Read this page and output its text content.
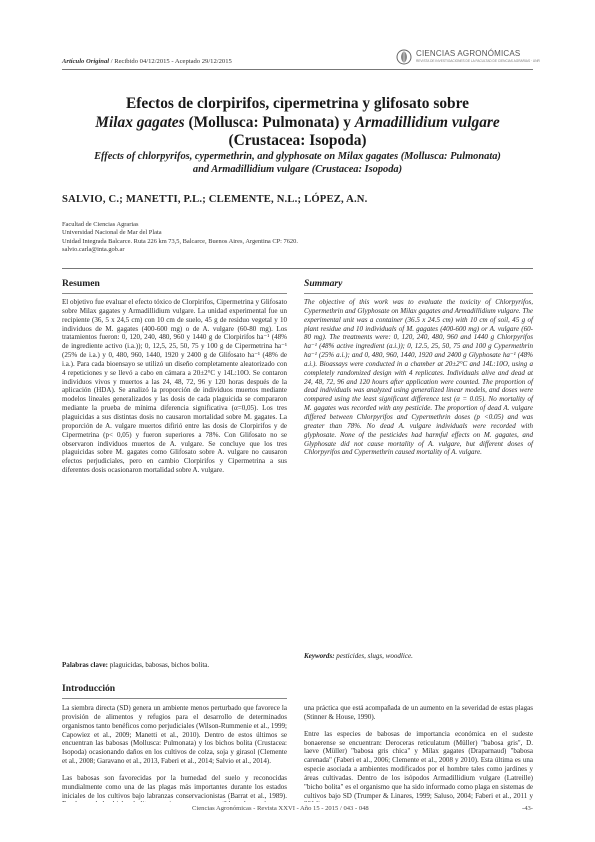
Artículo Original / Recibido 04/12/2015 - Aceptado 29/12/2015
CIENCIAS AGRONÓMICAS
REVISTA DE INVESTIGACIONES DE LA FACULTAD DE CIENCIAS AGRARIAS · UNR
Efectos de clorpirifos, cipermetrina y glifosato sobre
Milax gagates (Mollusca: Pulmonata) y Armadillidium vulgare
(Crustacea: Isopoda)
Effects of chlorpyrifos, cypermethrin, and glyphosate on Milax gagates (Mollusca: Pulmonata)
and Armadillidium vulgare (Crustacea: Isopoda)
SALVIO, C.; MANETTI, P.L.; CLEMENTE, N.L.; LÓPEZ, A.N.
Facultad de Ciencias Agrarias
Universidad Nacional de Mar del Plata
Unidad Integrada Balcarce. Ruta 226 km 73,5, Balcarce, Buenos Aires, Argentina CP: 7620.
salvio.carla@inta.gob.ar
Resumen

El objetivo fue evaluar el efecto tóxico de Clorpirifos, Cipermetrina y Glifosato sobre Milax gagates y Armadillidium vulgare. La unidad experimental fue un recipiente (36, 5 x 24,5 cm) con 10 cm de suelo, 45 g de residuo vegetal y 10 individuos de M. gagates (400-600 mg) o de A. vulgare (60-80 mg). Los tratamientos fueron: 0, 120, 240, 480, 960 y 1440 g de Clorpirifos ha⁻¹ (48% de ingrediente activo (i.a.)); 0, 12,5, 25, 50, 75 y 100 g de Cipermetrina ha⁻¹ (25% de i.a.) y 0, 480, 960, 1440, 1920 y 2400 g de Glifosato ha⁻¹ (48% de i.a.). Para cada bioensayo se utilizó un diseño completamente aleatorizado con 4 repeticiones y se llevó a cabo en cámara a 20±2°C y 14L:10O. Se contaron individuos vivos y muertos a las 24, 48, 72, 96 y 120 horas después de la aplicación (HDA). Se analizó la proporción de individuos muertos mediante modelos lineales generalizados y las dosis de cada plaguicida se compararon mediante la prueba de mínima diferencia significativa (α=0,05). Los tres plaguicidas a sus distintas dosis no causaron mortalidad sobre M. gagates. La proporción de A. vulgare muertos difirió entre las dosis de Clorpirifos y de Cipermetrina (p< 0,05) y fueron superiores a 78%. Con Glifosato no se observaron individuos muertos de A. vulgare. Se concluye que los tres plaguicidas sobre M. gagates como Glifosato sobre A. vulgare no causaron efectos perjudiciales, pero en cambio Clorpirifos y Cipermetrina a sus diferentes dosis ocasionaron mortalidad sobre A. vulgare.

Palabras clave: plaguicidas, babosas, bichos bolita.
Summary

The objective of this work was to evaluate the toxicity of Chlorpyrifos, Cypermethrin and Glyphosate on Milax gagates and Armadillidium vulgare. The experimental unit was a container (36.5 x 24.5 cm) with 10 cm of soil, 45 g of plant residue and 10 individuals of M. gagates (400-600 mg) or A. vulgare (60-80 mg). The treatments were: 0, 120, 240, 480, 960 and 1440 g Chlorpyrifos ha⁻¹ (48% active ingredient (a.i.)); 0, 12.5, 25, 50, 75 and 100 g Cypermethrin ha⁻¹ (25% a.i.); and 0, 480, 960, 1440, 1920 and 2400 g Glyphosate ha⁻¹ (48% a.i.). Bioassays were conducted in a chamber at 20±2°C and 14L:10O, using a completely randomized design with 4 replicates. Individuals alive and dead at 24, 48, 72, 96 and 120 hours after application were counted. The proportion of dead individuals was analyzed using generalized linear models, and doses were compared using the least significant difference test (α = 0.05). No mortality of M. gagates was recorded with any pesticide. The proportion of dead A. vulgare differed between Chlorpyrifos and Cypermethrin doses (p <0.05) and was greater than 78%. No dead A. vulgare individuals were recorded with glyphosate. None of the pesticides had harmful effects on M. gagates, and Glyphosate did not cause mortality of A. vulgare, but different doses of Chlorpyrifos and Cypermethrin caused mortality of A. vulgare.

Keywords: pesticides, slugs, woodlice.
Introducción

La siembra directa (SD) genera un ambiente menos perturbado que favorece la provisión de alimentos y refugios para el desarrollo de determinados organismos tanto benéficos como perjudiciales (Wilson-Rummenie et al., 1999; Capowiez et al., 2009; Manetti et al., 2010). Dentro de estos últimos se encuentran las babosas (Mollusca: Pulmonata) y los bichos bolita (Crustacea: Isopoda) ocasionando daños en los cultivos de colza, soja y girasol (Clemente et al., 2008; Garavano et al., 2013, Faberi et al., 2014; Salvio et al., 2014).

Las babosas son favorecidas por la humedad del suelo y reconocidas mundialmente como una de las plagas más importantes durante los estados iniciales de los cultivos bajo labranzas conservacionistas (Barrat et al., 1989).

una práctica que está acompañada de un aumento en la severidad de estas plagas (Stinner & House, 1990).

Entre las especies de babosas de importancia económica en el sudeste bonaerense se encuentran: Deroceras reticulatum (Müller) "babosa gris", D. laeve (Müller) "babosa gris chica" y Milax gagates (Draparnaud) "babosa carenada" (Faberi et al., 2006; Clemente et al., 2008 y 2010). Esta última es una especie asociada a ambientes modificados por el hombre tales como jardines y áreas cultivadas. Dentro de los isópodos Armadillidium vulgare (Latreille) "bicho bolita" es el organismo que ha sido informado como plaga en sistemas de cultivos bajo SD (Trumper & Linares, 1999; Saluso, 2004; Faberi et al., 2011 y

Ciencias Agronómicas - Revista XXVI - Año 15 - 2015 / 043 - 048	-43-
